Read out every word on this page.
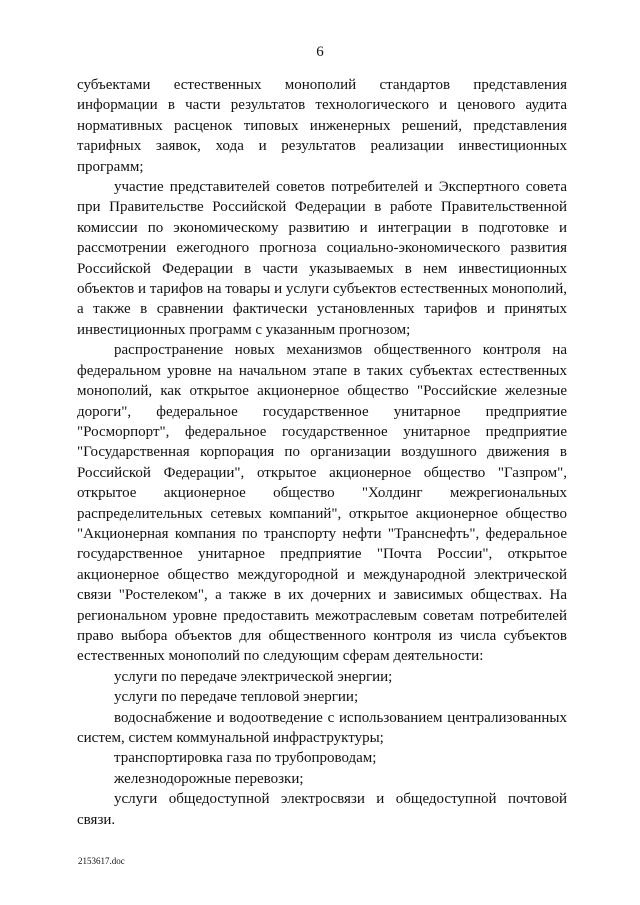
6

субъектами естественных монополий стандартов представления информации в части результатов технологического и ценового аудита нормативных расценок типовых инженерных решений, представления тарифных заявок, хода и результатов реализации инвестиционных программ;

участие представителей советов потребителей и Экспертного совета при Правительстве Российской Федерации в работе Правительственной комиссии по экономическому развитию и интеграции в подготовке и рассмотрении ежегодного прогноза социально-экономического развития Российской Федерации в части указываемых в нем инвестиционных объектов и тарифов на товары и услуги субъектов естественных монополий, а также в сравнении фактически установленных тарифов и принятых инвестиционных программ с указанным прогнозом;

распространение новых механизмов общественного контроля на федеральном уровне на начальном этапе в таких субъектах естественных монополий, как открытое акционерное общество "Российские железные дороги", федеральное государственное унитарное предприятие "Росморпорт", федеральное государственное унитарное предприятие "Государственная корпорация по организации воздушного движения в Российской Федерации", открытое акционерное общество "Газпром", открытое акционерное общество "Холдинг межрегиональных распределительных сетевых компаний", открытое акционерное общество "Акционерная компания по транспорту нефти "Транснефть", федеральное государственное унитарное предприятие "Почта России", открытое акционерное общество междугородной и международной электрической связи "Ростелеком", а также в их дочерних и зависимых обществах. На региональном уровне предоставить межотраслевым советам потребителей право выбора объектов для общественного контроля из числа субъектов естественных монополий по следующим сферам деятельности:

услуги по передаче электрической энергии;

услуги по передаче тепловой энергии;

водоснабжение и водоотведение с использованием централизованных систем, систем коммунальной инфраструктуры;

транспортировка газа по трубопроводам;

железнодорожные перевозки;

услуги общедоступной электросвязи и общедоступной почтовой связи.

2153617.doc
